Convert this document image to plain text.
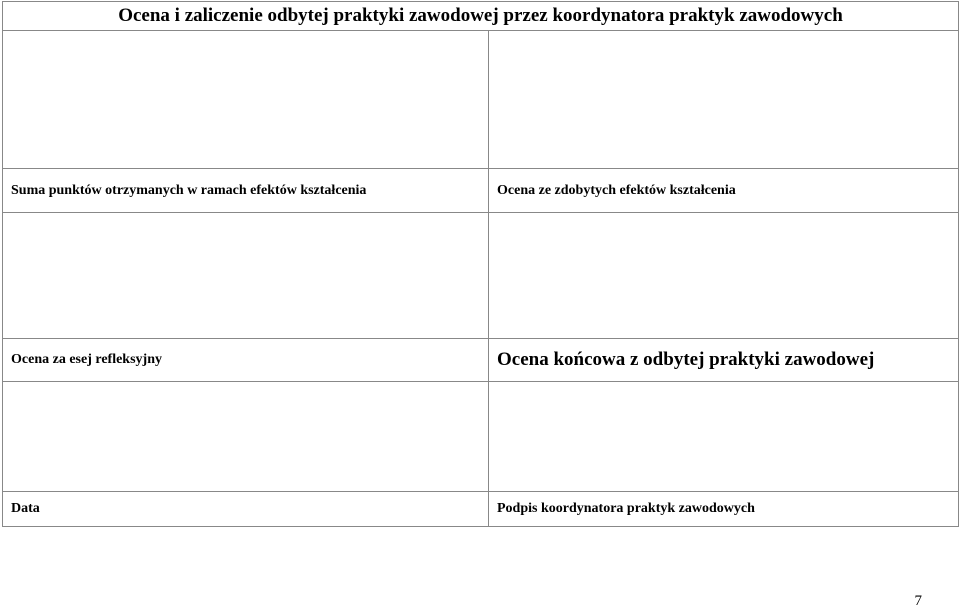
Ocena i zaliczenie odbytej praktyki zawodowej przez koordynatora praktyk zawodowych
Suma punktów otrzymanych w ramach efektów kształcenia	Ocena ze zdobytych efektów kształcenia
Ocena za esej refleksyjny	Ocena końcowa z odbytej praktyki zawodowej
Data	Podpis koordynatora praktyk zawodowych
7
